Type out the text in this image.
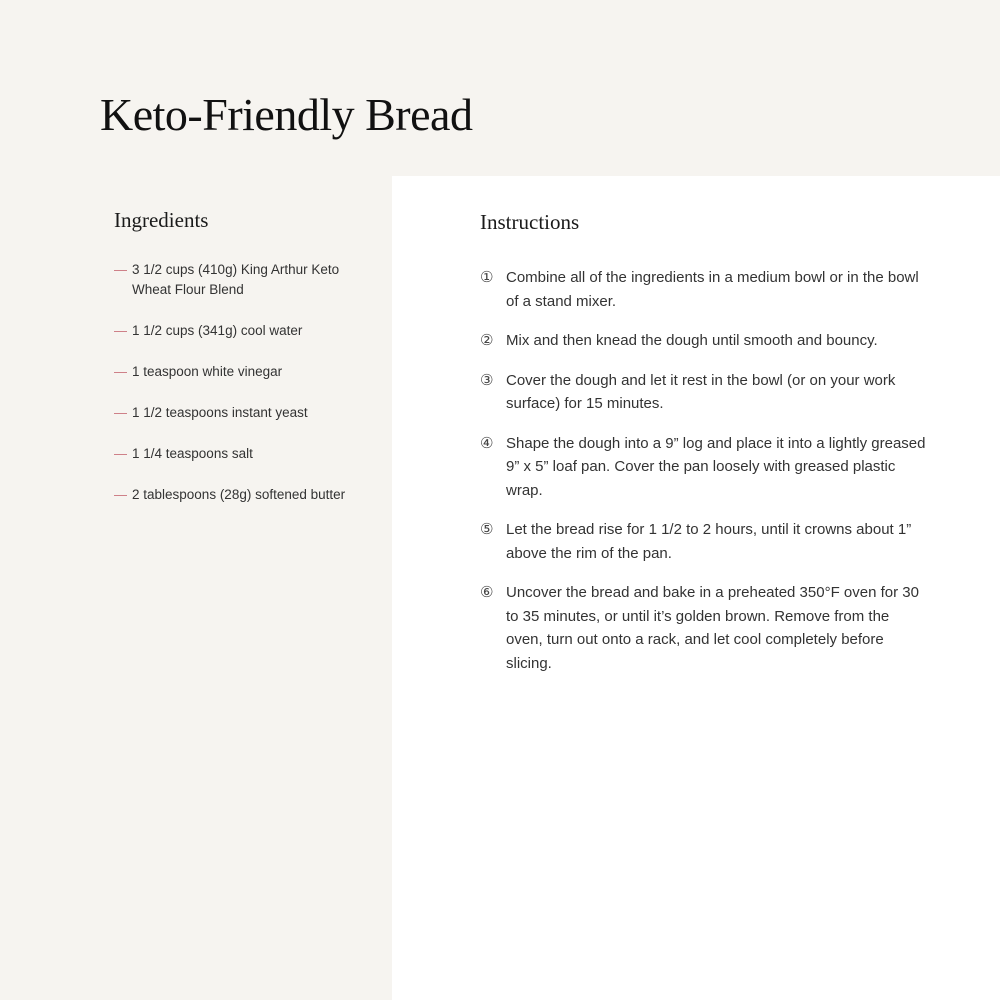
Keto-Friendly Bread
Ingredients
— 3 1/2 cups (410g) King Arthur Keto Wheat Flour Blend
— 1 1/2 cups (341g) cool water
— 1 teaspoon white vinegar
— 1 1/2 teaspoons instant yeast
— 1 1/4 teaspoons salt
— 2 tablespoons (28g) softened butter
Instructions
① Combine all of the ingredients in a medium bowl or in the bowl of a stand mixer.
② Mix and then knead the dough until smooth and bouncy.
③ Cover the dough and let it rest in the bowl (or on your work surface) for 15 minutes.
④ Shape the dough into a 9” log and place it into a lightly greased 9” x 5” loaf pan. Cover the pan loosely with greased plastic wrap.
⑤ Let the bread rise for 1 1/2 to 2 hours, until it crowns about 1” above the rim of the pan.
⑥ Uncover the bread and bake in a preheated 350°F oven for 30 to 35 minutes, or until it’s golden brown. Remove from the oven, turn out onto a rack, and let cool completely before slicing.
